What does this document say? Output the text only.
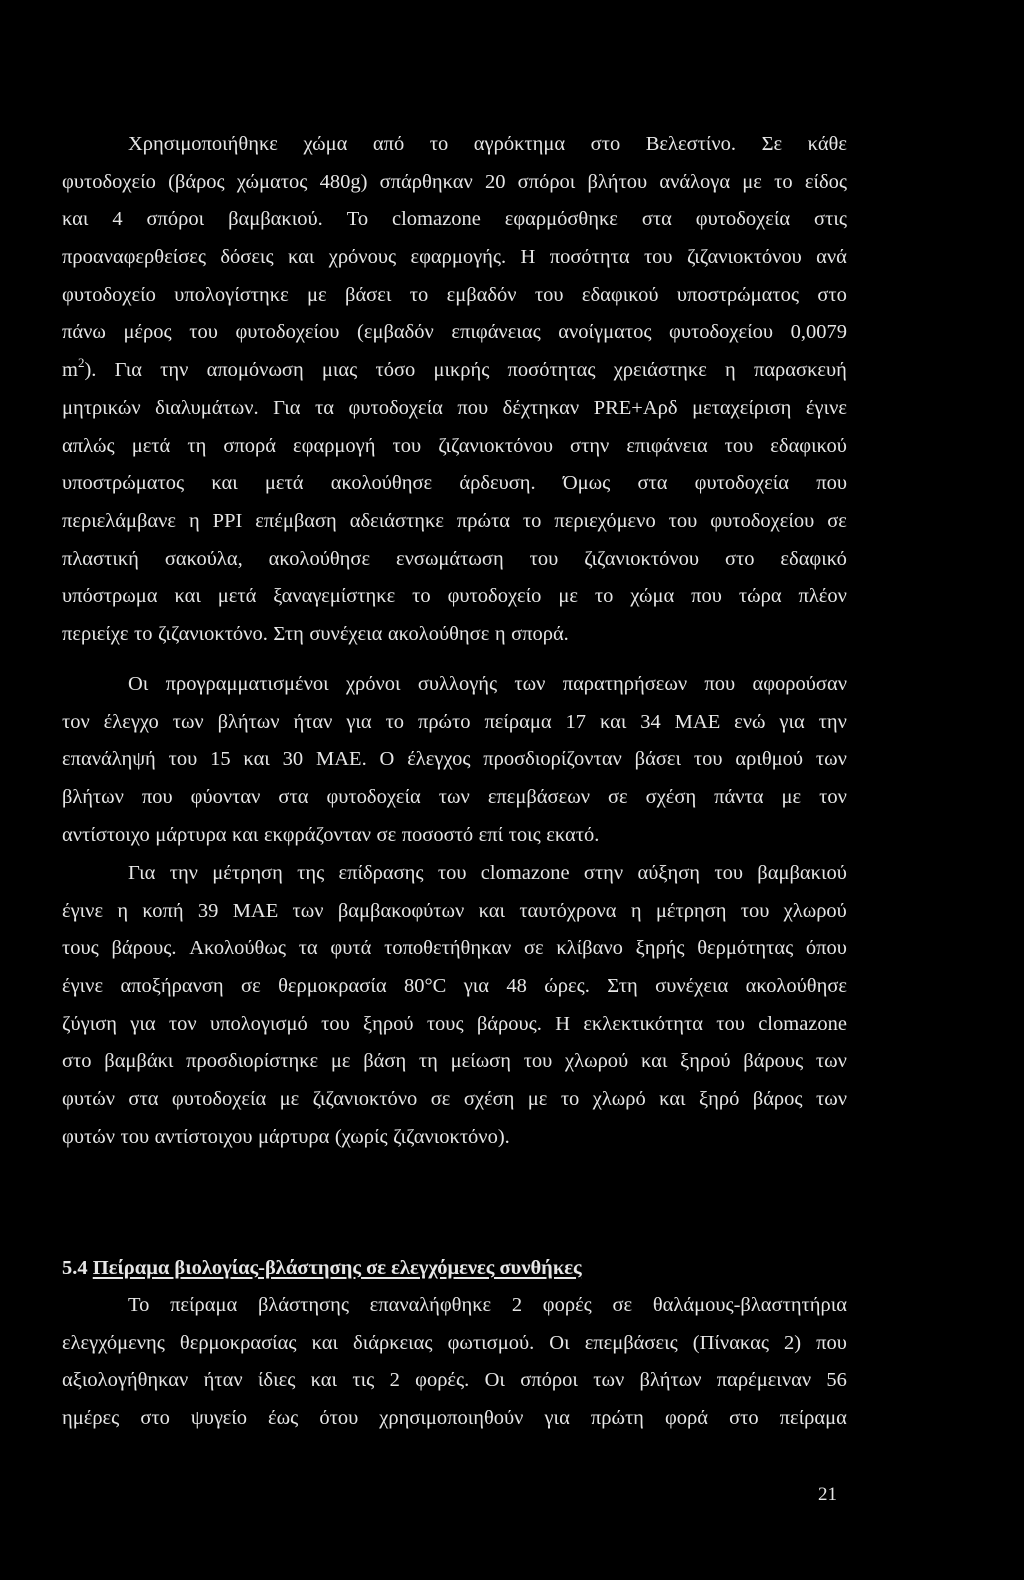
Χρησιμοποιήθηκε χώμα από το αγρόκτημα στο Βελεστίνο. Σε κάθε
φυτοδοχείο (βάρος χώματος 480g) σπάρθηκαν 20 σπόροι βλήτου ανάλογα με το είδος
και 4 σπόροι βαμβακιού. Το clomazone εφαρμόσθηκε στα φυτοδοχεία στις
προαναφερθείσες δόσεις και χρόνους εφαρμογής. Η ποσότητα του ζιζανιοκτόνου ανά
φυτοδοχείο υπολογίστηκε με βάσει το εμβαδόν του εδαφικού υποστρώματος στο
πάνω μέρος του φυτοδοχείου (εμβαδόν επιφάνειας ανοίγματος φυτοδοχείου 0,0079
$m^2$). Για την απομόνωση μιας τόσο μικρής ποσότητας χρειάστηκε η παρασκευή
μητρικών διαλυμάτων. Για τα φυτοδοχεία που δέχτηκαν PRE+Αρδ μεταχείριση έγινε
απλώς μετά τη σπορά εφαρμογή του ζιζανιοκτόνου στην επιφάνεια του εδαφικού
υποστρώματος και μετά ακολούθησε άρδευση. Όμως στα φυτοδοχεία που
περιελάμβανε η PPI επέμβαση αδειάστηκε πρώτα το περιεχόμενο του φυτοδοχείου σε
πλαστική σακούλα, ακολούθησε ενσωμάτωση του ζιζανιοκτόνου στο εδαφικό
υπόστρωμα και μετά ξαναγεμίστηκε το φυτοδοχείο με το χώμα που τώρα πλέον
περιείχε το ζιζανιοκτόνο. Στη συνέχεια ακολούθησε η σπορά.
Οι προγραμματισμένοι χρόνοι συλλογής των παρατηρήσεων που αφορούσαν
τον έλεγχο των βλήτων ήταν για το πρώτο πείραμα 17 και 34 ΜΑΕ ενώ για την
επανάληψή του 15 και 30 ΜΑΕ. Ο έλεγχος προσδιορίζονταν βάσει του αριθμού των
βλήτων που φύονταν στα φυτοδοχεία των επεμβάσεων σε σχέση πάντα με τον
αντίστοιχο μάρτυρα και εκφράζονταν σε ποσοστό επί τοις εκατό.
Για την μέτρηση της επίδρασης του clomazone στην αύξηση του βαμβακιού
έγινε η κοπή 39 ΜΑΕ των βαμβακοφύτων και ταυτόχρονα η μέτρηση του χλωρού
τους βάρους. Ακολούθως τα φυτά τοποθετήθηκαν σε κλίβανο ξηρής θερμότητας όπου
έγινε αποξήρανση σε θερμοκρασία 80°C για 48 ώρες. Στη συνέχεια ακολούθησε
ζύγιση για τον υπολογισμό του ξηρού τους βάρους. Η εκλεκτικότητα του clomazone
στο βαμβάκι προσδιορίστηκε με βάση τη μείωση του χλωρού και ξηρού βάρους των
φυτών στα φυτοδοχεία με ζιζανιοκτόνο σε σχέση με το χλωρό και ξηρό βάρος των
φυτών του αντίστοιχου μάρτυρα (χωρίς ζιζανιοκτόνο).
Το πείραμα βλάστησης επαναλήφθηκε 2 φορές σε θαλάμους-βλαστητήρια
ελεγχόμενης θερμοκρασίας και διάρκειας φωτισμού. Οι επεμβάσεις (Πίνακας 2) που
αξιολογήθηκαν ήταν ίδιες και τις 2 φορές. Οι σπόροι των βλήτων παρέμειναν 56
ημέρες στο ψυγείο έως ότου χρησιμοποιηθούν για πρώτη φορά στο πείραμα
5.4 Πείραμα βιολογίας-βλάστησης σε ελεγχόμενες συνθήκες
21
